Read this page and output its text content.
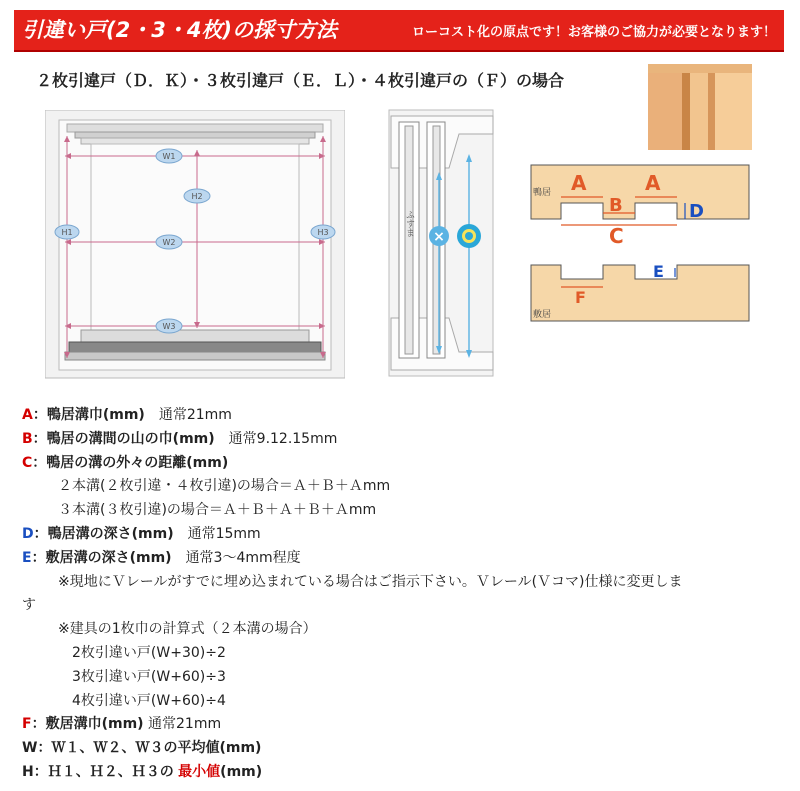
引違い戸(2・3・4枚)の採寸方法	ローコスト化の原点です！お客様のご協力が必要となります！
２枚引違戸（Ｄ．Ｋ）・３枚引違戸（Ｅ．Ｌ）・４枚引違戸の（Ｆ）の場合
W1
W2
W3
H2
H1	H3	×
ふすま
鴨居
敷居
A	A
B
C
D
E
F
A：鴨居溝巾(mm) 通常21mm
B：鴨居の溝間の山の巾(mm) 通常9.12.15mm
C：鴨居の溝の外々の距離(mm)
２本溝(２枚引違・４枚引違)の場合＝Ａ＋Ｂ＋Ａmm
３本溝(３枚引違)の場合＝Ａ＋Ｂ＋Ａ＋Ｂ＋Ａmm
D：鴨居溝の深さ(mm) 通常15mm
E：敷居溝の深さ(mm) 通常3～4mm程度
※現地にＶレールがすでに埋め込まれている場合はご指示下さい。Ｖレール(Ｖコマ)仕様に変更しま
す
※建具の1枚巾の計算式（２本溝の場合）
2枚引違い戸(W+30)÷2
3枚引違い戸(W+60)÷3
4枚引違い戸(W+60)÷4
F：敷居溝巾(mm) 通常21mm
W：Ｗ１、Ｗ２、Ｗ３の平均値(mm)
H：Ｈ１、Ｈ２、Ｈ３の 最小値(mm)
